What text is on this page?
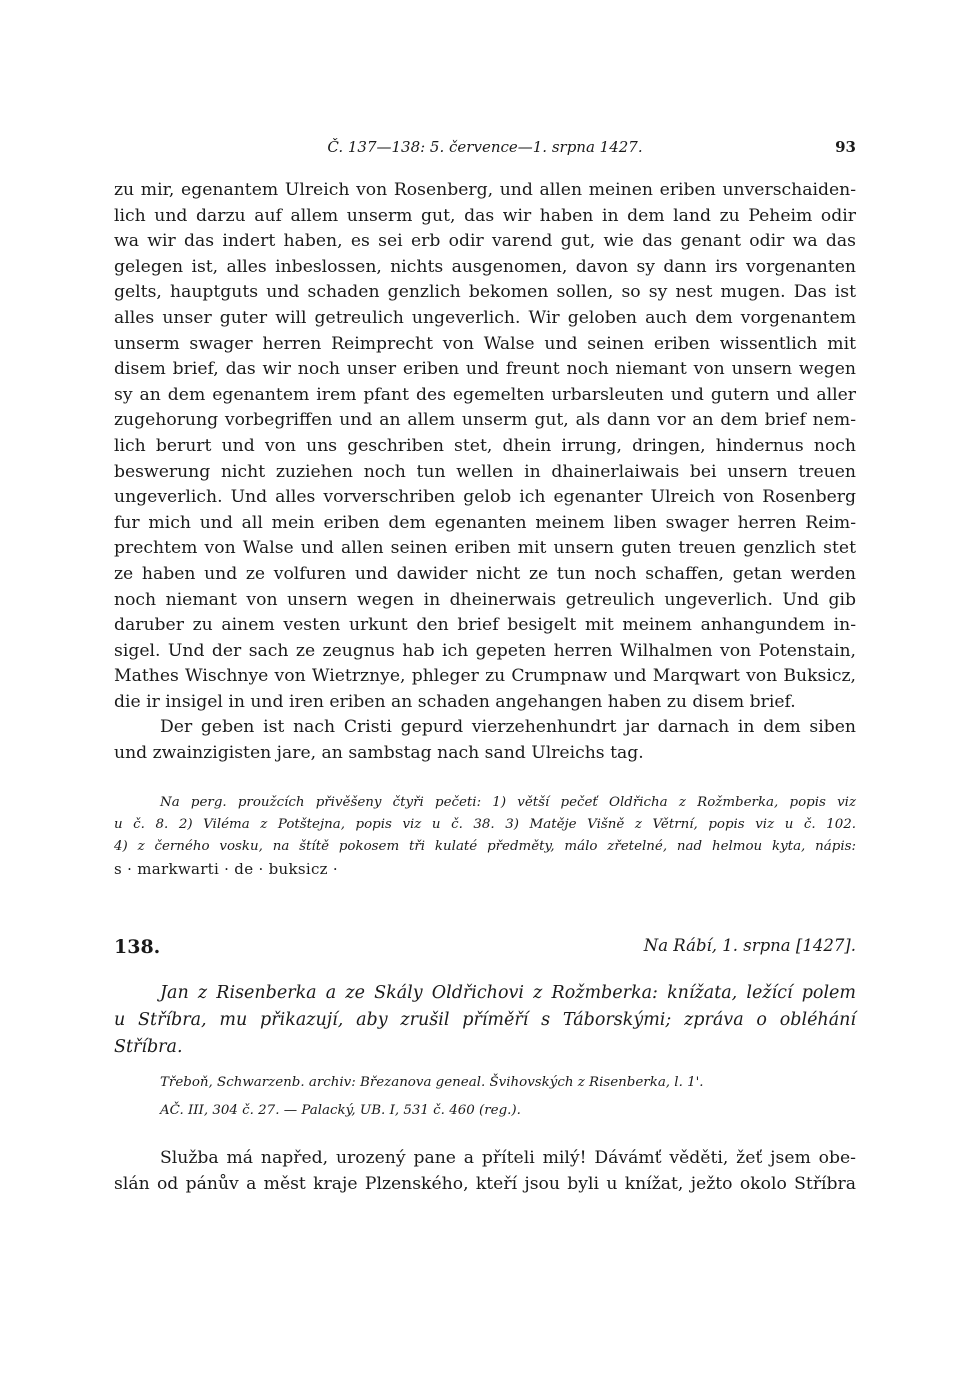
Č. 137—138: 5. července—1. srpna 1427.	93
zu mir, egenantem Ulreich von Rosenberg, und allen meinen eriben unverschaiden-
lich und darzu auf allem unserm gut, das wir haben in dem land zu Peheim odir
wa wir das indert haben, es sei erb odir varend gut, wie das genant odir wa das
gelegen ist, alles inbeslossen, nichts ausgenomen, davon sy dann irs vorgenanten
gelts, hauptguts und schaden genzlich bekomen sollen, so sy nest mugen. Das ist
alles unser guter will getreulich ungeverlich. Wir geloben auch dem vorgenantem
unserm swager herren Reimprecht von Walse und seinen eriben wissentlich mit
disem brief, das wir noch unser eriben und freunt noch niemant von unsern wegen
sy an dem egenantem irem pfant des egemelten urbarsleuten und gutern und aller
zugehorung vorbegriffen und an allem unserm gut, als dann vor an dem brief nem-
lich berurt und von uns geschriben stet, dhein irrung, dringen, hindernus noch
beswerung nicht zuziehen noch tun wellen in dhainerlaiwais bei unsern treuen
ungeverlich. Und alles vorverschriben gelob ich egenanter Ulreich von Rosenberg
fur mich und all mein eriben dem egenanten meinem liben swager herren Reim-
prechtem von Walse und allen seinen eriben mit unsern guten treuen genzlich stet
ze haben und ze volfuren und dawider nicht ze tun noch schaffen, getan werden
noch niemant von unsern wegen in dheinerwais getreulich ungeverlich. Und gib
daruber zu ainem vesten urkunt den brief besigelt mit meinem anhangundem in-
sigel. Und der sach ze zeugnus hab ich gepeten herren Wilhalmen von Potenstain,
Mathes Wischnye von Wietrznye, phleger zu Crumpnaw und Marqwart von Buksicz,
die ir insigel in und iren eriben an schaden angehangen haben zu disem brief.
Der geben ist nach Cristi gepurd vierzehenhundrt jar darnach in dem siben
und zwainzigisten jare, an sambstag nach sand Ulreichs tag.
Na perg. proužcích přivěšeny čtyři pečeti: 1) větší pečeť Oldřicha z Rožmberka, popis viz
u č. 8. 2) Viléma z Potštejna, popis viz u č. 38. 3) Matěje Višně z Větrní, popis viz u č. 102.
4) z černého vosku, na štítě pokosem tři kulaté předměty, málo zřetelné, nad helmou kyta, nápis:
s · markwarti · de · buksicz ·
138.	Na Rábí, 1. srpna [1427].
Jan z Risenberka a ze Skály Oldřichovi z Rožmberka: knížata, ležící polem
u Stříbra, mu přikazují, aby zrušil příměří s Táborskými; zpráva o obléhání
Stříbra.
Třeboň, Schwarzenb. archiv: Březanova geneal. Švihovských z Risenberka, l. 1'.
AČ. III, 304 č. 27. — Palacký, UB. I, 531 č. 460 (reg.).
Služba má napřed, urozený pane a příteli milý! Dávámť věděti, žeť jsem obe-
slán od pánův a měst kraje Plzenského, kteří jsou byli u knížat, ježto okolo Stříbra
